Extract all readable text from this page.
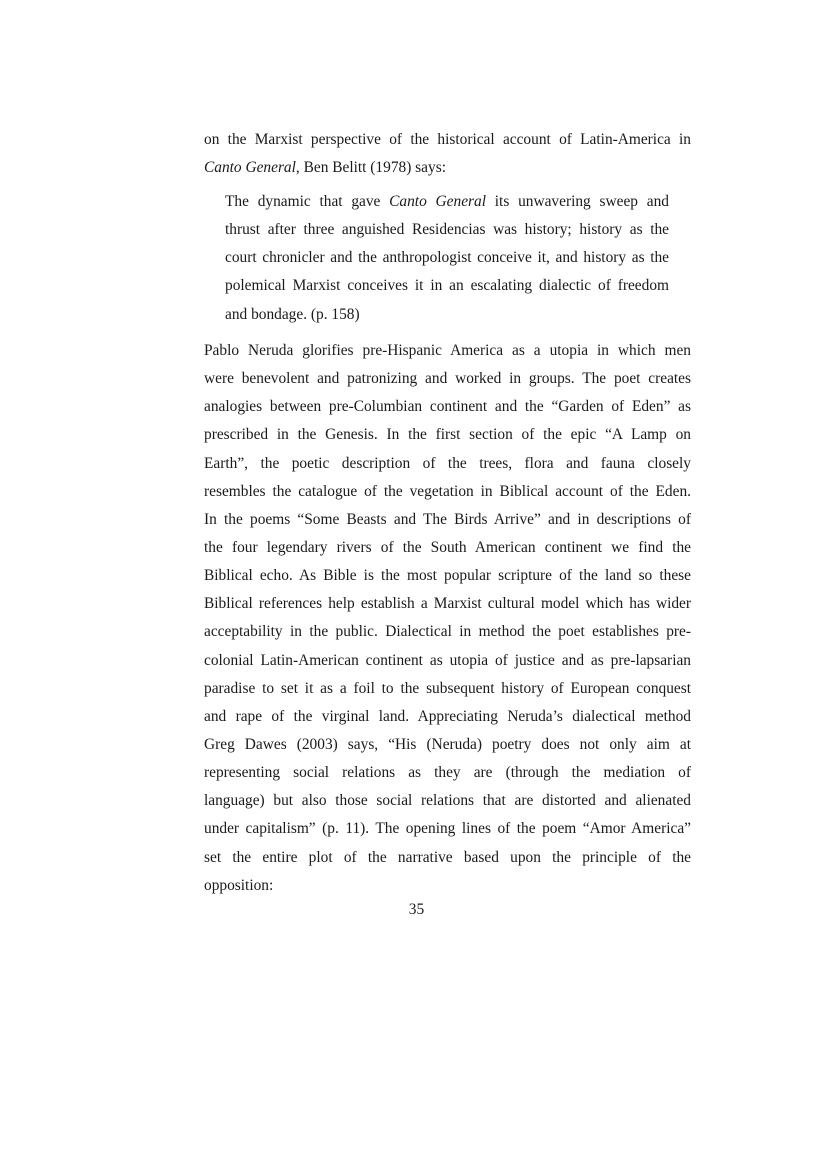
on the Marxist perspective of the historical account of Latin-America in
Canto General, Ben Belitt (1978) says:
The dynamic that gave Canto General its unwavering sweep and
thrust after three anguished Residencias was history; history as the
court chronicler and the anthropologist conceive it, and history as the
polemical Marxist conceives it in an escalating dialectic of freedom
and bondage. (p. 158)
Pablo Neruda glorifies pre-Hispanic America as a utopia in which men
were benevolent and patronizing and worked in groups. The poet creates
analogies between pre-Columbian continent and the “Garden of Eden” as
prescribed in the Genesis. In the first section of the epic “A Lamp on
Earth”, the poetic description of the trees, flora and fauna closely
resembles the catalogue of the vegetation in Biblical account of the Eden.
In the poems “Some Beasts and The Birds Arrive” and in descriptions of
the four legendary rivers of the South American continent we find the
Biblical echo. As Bible is the most popular scripture of the land so these
Biblical references help establish a Marxist cultural model which has wider
acceptability in the public. Dialectical in method the poet establishes pre-
colonial Latin-American continent as utopia of justice and as pre-lapsarian
paradise to set it as a foil to the subsequent history of European conquest
and rape of the virginal land. Appreciating Neruda’s dialectical method
Greg Dawes (2003) says, “His (Neruda) poetry does not only aim at
representing social relations as they are (through the mediation of
language) but also those social relations that are distorted and alienated
under capitalism” (p. 11). The opening lines of the poem “Amor America”
set the entire plot of the narrative based upon the principle of the
opposition:
35
